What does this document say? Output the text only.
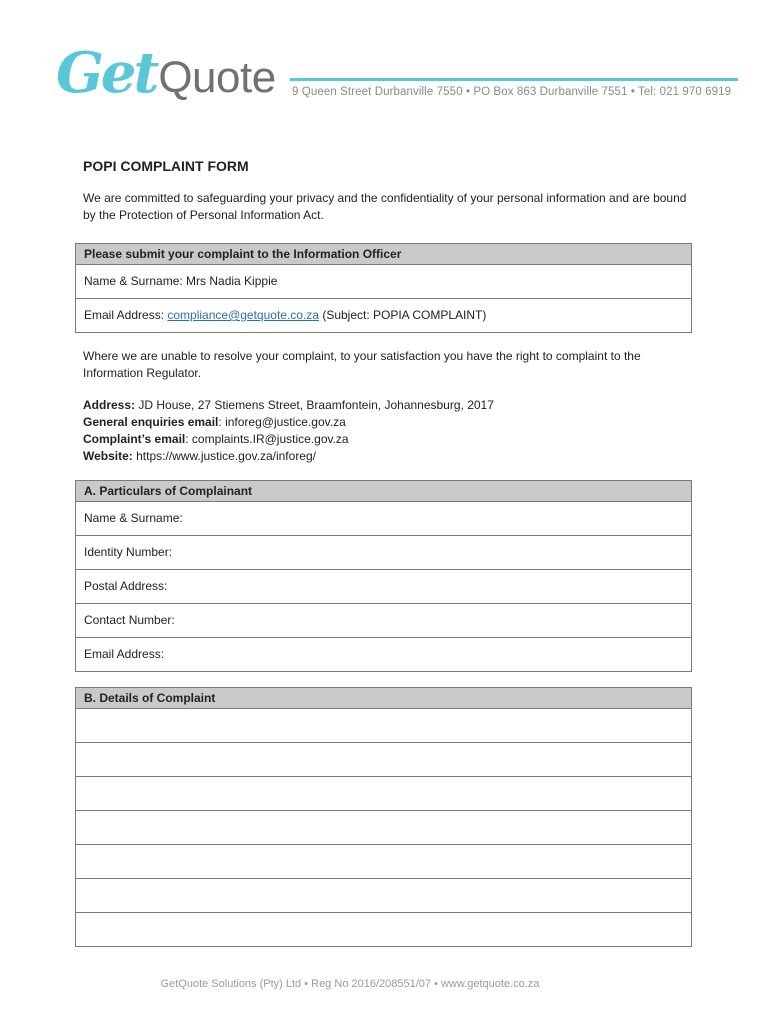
GetQuote 9 Queen Street Durbanville 7550 • PO Box 863 Durbanville 7551 • Tel: 021 970 6919
POPI COMPLAINT FORM

We are committed to safeguarding your privacy and the confidentiality of your personal information and are bound by the Protection of Personal Information Act.

Please submit your complaint to the Information Officer
Name & Surname: Mrs Nadia Kippie
Email Address: compliance@getquote.co.za (Subject: POPIA COMPLAINT)

Where we are unable to resolve your complaint, to your satisfaction you have the right to complaint to the Information Regulator.

Address: JD House, 27 Stiemens Street, Braamfontein, Johannesburg, 2017
General enquiries email: inforeg@justice.gov.za
Complaint’s email: complaints.IR@justice.gov.za
Website: https://www.justice.gov.za/inforeg/
A. Particulars of Complainant
Name & Surname:
Identity Number:
Postal Address:
Contact Number:
Email Address:
B. Details of Complaint
GetQuote Solutions (Pty) Ltd • Reg No 2016/208551/07 • www.getquote.co.za
